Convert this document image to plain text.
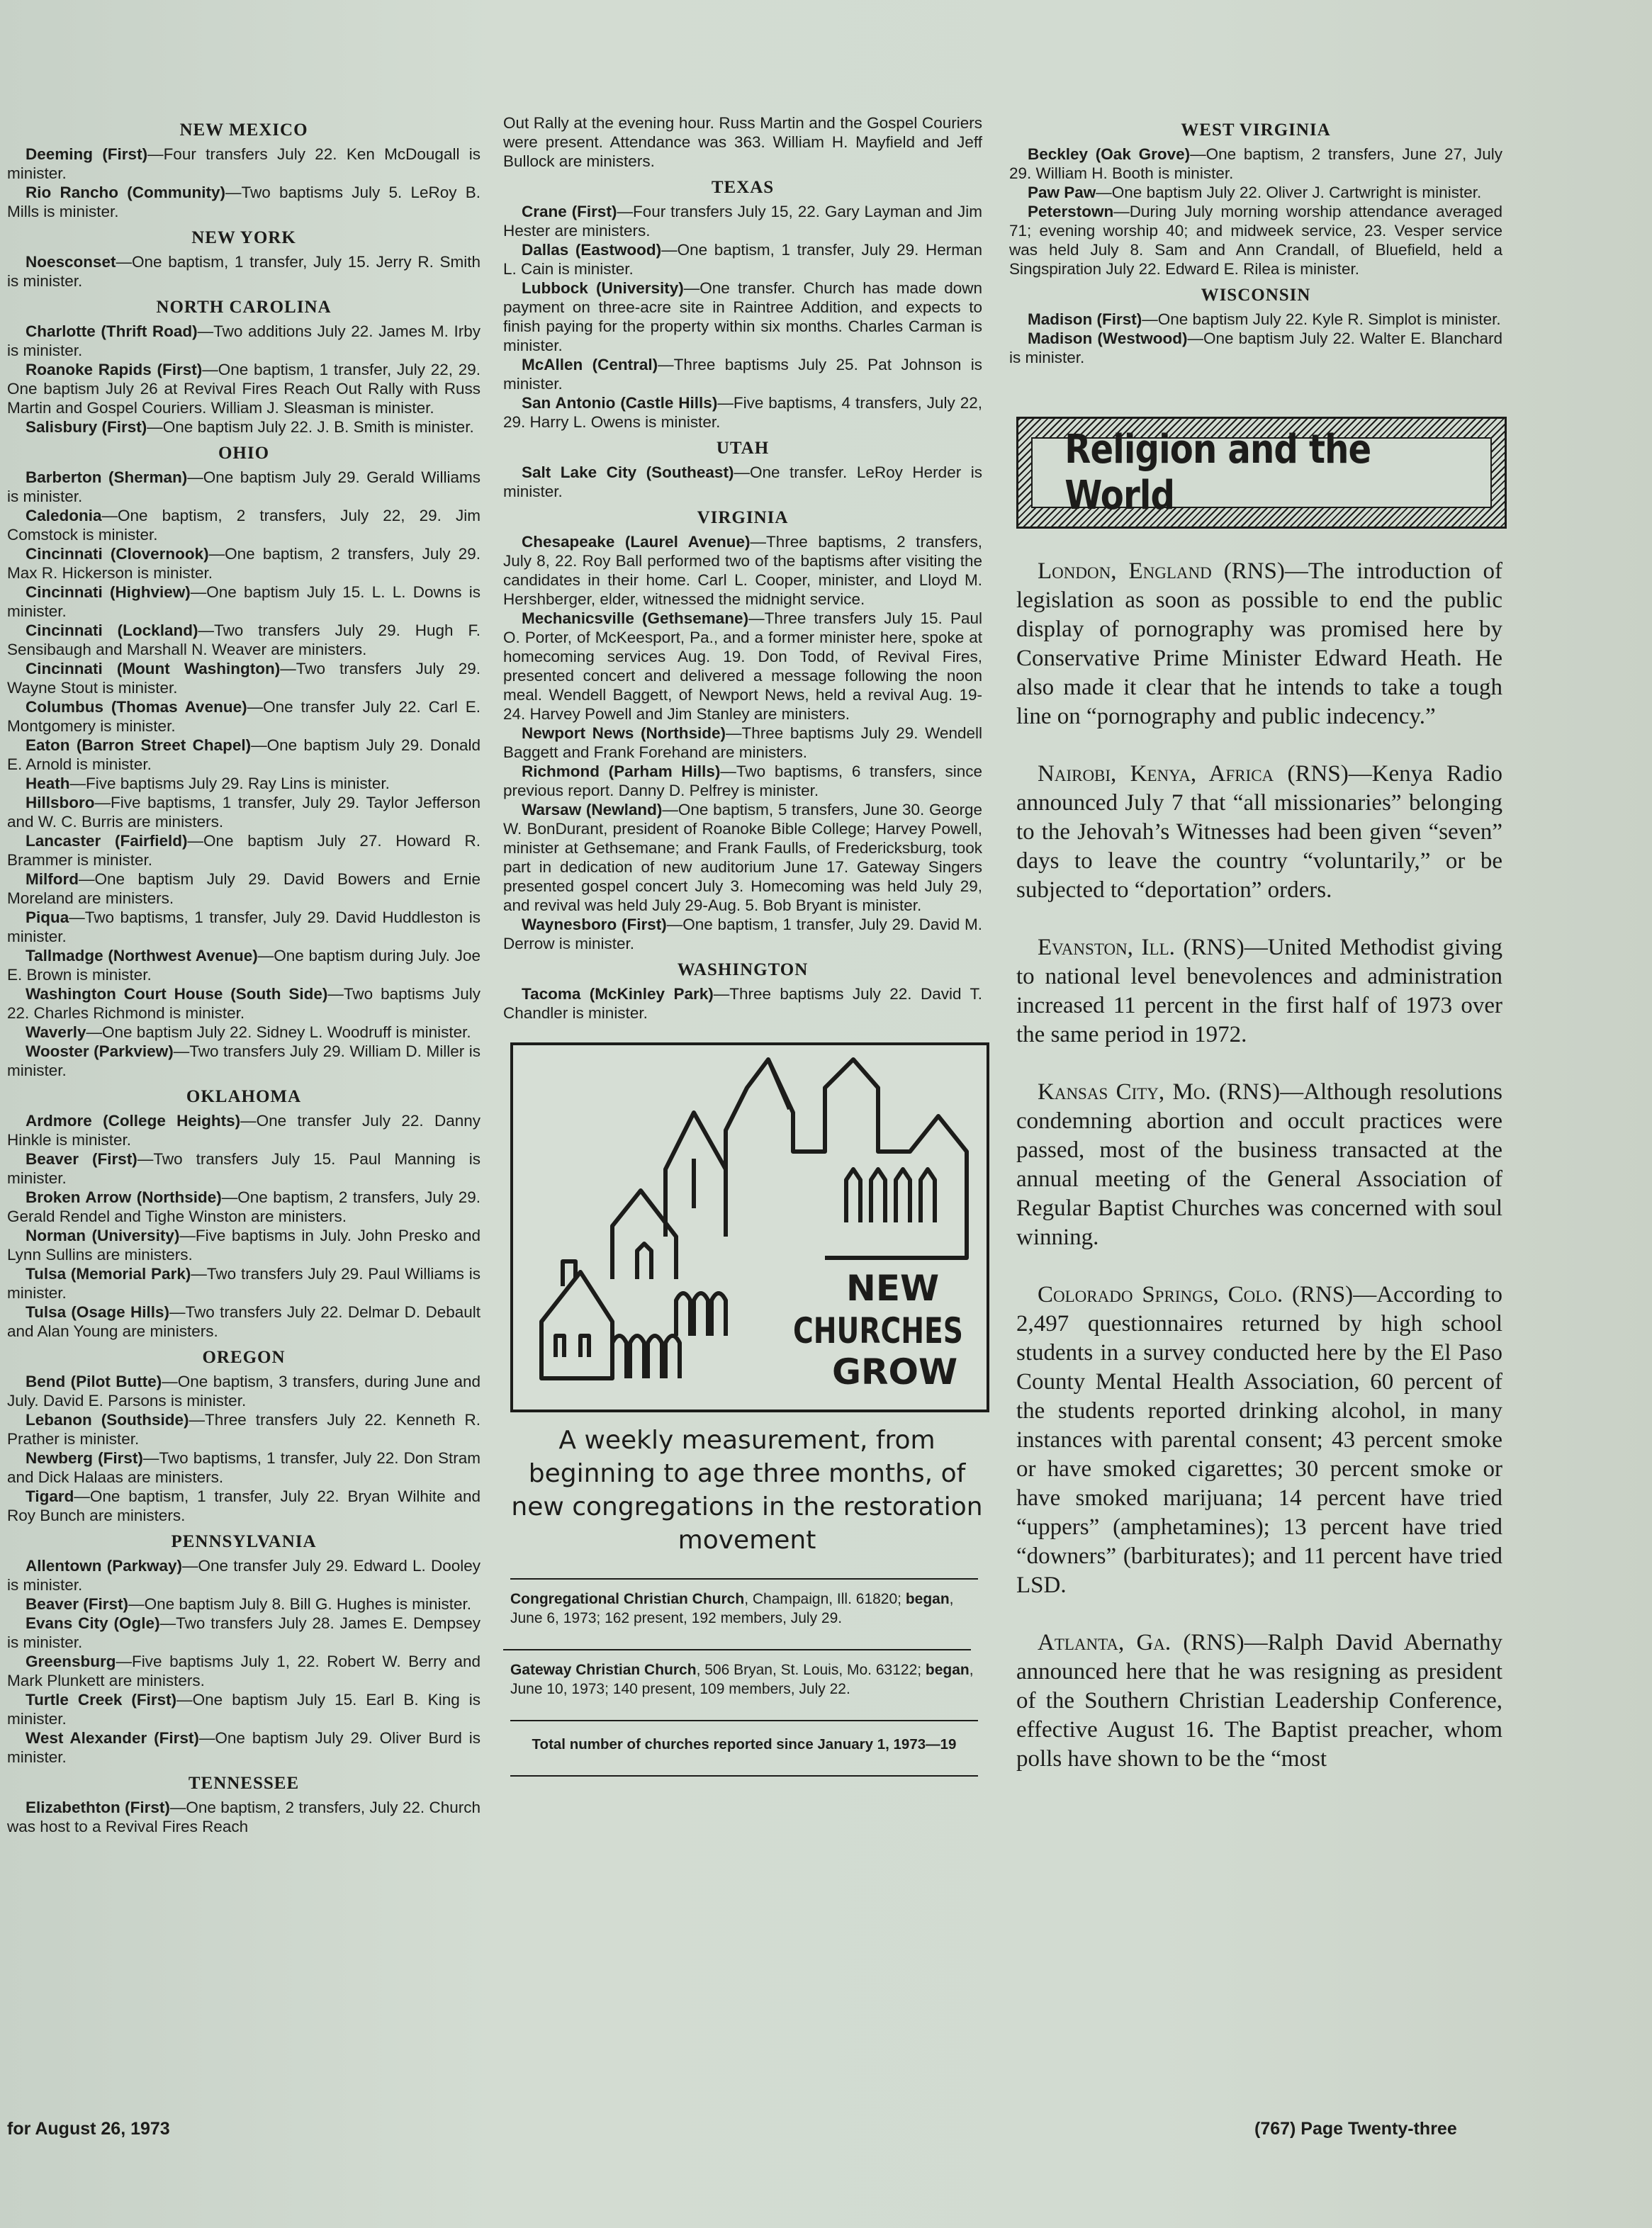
NEW MEXICO

Deeming (First)—Four transfers July 22. Ken McDougall is minister.

Rio Rancho (Community)—Two baptisms July 5. LeRoy B. Mills is minister.

NEW YORK

Noesconset—One baptism, 1 transfer, July 15. Jerry R. Smith is minister.

NORTH CAROLINA

Charlotte (Thrift Road)—Two additions July 22. James M. Irby is minister.

Roanoke Rapids (First)—One baptism, 1 transfer, July 22, 29. One baptism July 26 at Revival Fires Reach Out Rally with Russ Martin and Gospel Couriers. William J. Sleasman is minister.

Salisbury (First)—One baptism July 22. J. B. Smith is minister.

OHIO

Barberton (Sherman)—One baptism July 29. Gerald Williams is minister.

Caledonia—One baptism, 2 transfers, July 22, 29. Jim Comstock is minister.

Cincinnati (Clovernook)—One baptism, 2 transfers, July 29. Max R. Hickerson is minister.

Cincinnati (Highview)—One baptism July 15. L. L. Downs is minister.

Cincinnati (Lockland)—Two transfers July 29. Hugh F. Sensibaugh and Marshall N. Weaver are ministers.

Cincinnati (Mount Washington)—Two transfers July 29. Wayne Stout is minister.

Columbus (Thomas Avenue)—One transfer July 22. Carl E. Montgomery is minister.

Eaton (Barron Street Chapel)—One baptism July 29. Donald E. Arnold is minister.

Heath—Five baptisms July 29. Ray Lins is minister.

Hillsboro—Five baptisms, 1 transfer, July 29. Taylor Jefferson and W. C. Burris are ministers.

Lancaster (Fairfield)—One baptism July 27. Howard R. Brammer is minister.

Milford—One baptism July 29. David Bowers and Ernie Moreland are ministers.

Piqua—Two baptisms, 1 transfer, July 29. David Huddleston is minister.

Tallmadge (Northwest Avenue)—One baptism during July. Joe E. Brown is minister.

Washington Court House (South Side)—Two baptisms July 22. Charles Richmond is minister.

Waverly—One baptism July 22. Sidney L. Woodruff is minister.

Wooster (Parkview)—Two transfers July 29. William D. Miller is minister.

OKLAHOMA

Ardmore (College Heights)—One transfer July 22. Danny Hinkle is minister.

Beaver (First)—Two transfers July 15. Paul Manning is minister.

Broken Arrow (Northside)—One baptism, 2 transfers, July 29. Gerald Rendel and Tighe Winston are ministers.

Norman (University)—Five baptisms in July. John Presko and Lynn Sullins are ministers.

Tulsa (Memorial Park)—Two transfers July 29. Paul Williams is minister.

Tulsa (Osage Hills)—Two transfers July 22. Delmar D. Debault and Alan Young are ministers.

OREGON

Bend (Pilot Butte)—One baptism, 3 transfers, during June and July. David E. Parsons is minister.

Lebanon (Southside)—Three transfers July 22. Kenneth R. Prather is minister.

Newberg (First)—Two baptisms, 1 transfer, July 22. Don Stram and Dick Halaas are ministers.

Tigard—One baptism, 1 transfer, July 22. Bryan Wilhite and Roy Bunch are ministers.

PENNSYLVANIA

Allentown (Parkway)—One transfer July 29. Edward L. Dooley is minister.

Beaver (First)—One baptism July 8. Bill G. Hughes is minister.

Evans City (Ogle)—Two transfers July 28. James E. Dempsey is minister.

Greensburg—Five baptisms July 1, 22. Robert W. Berry and Mark Plunkett are ministers.

Turtle Creek (First)—One baptism July 15. Earl B. King is minister.

West Alexander (First)—One baptism July 29. Oliver Burd is minister.

TENNESSEE

Elizabethton (First)—One baptism, 2 transfers, July 22. Church was host to a Revival Fires Reach

Out Rally at the evening hour. Russ Martin and the Gospel Couriers were present. Attendance was 363. William H. Mayfield and Jeff Bullock are ministers.

TEXAS

Crane (First)—Four transfers July 15, 22. Gary Layman and Jim Hester are ministers.

Dallas (Eastwood)—One baptism, 1 transfer, July 29. Herman L. Cain is minister.

Lubbock (University)—One transfer. Church has made down payment on three-acre site in Raintree Addition, and expects to finish paying for the property within six months. Charles Carman is minister.

McAllen (Central)—Three baptisms July 25. Pat Johnson is minister.

San Antonio (Castle Hills)—Five baptisms, 4 transfers, July 22, 29. Harry L. Owens is minister.

UTAH

Salt Lake City (Southeast)—One transfer. LeRoy Herder is minister.

VIRGINIA

Chesapeake (Laurel Avenue)—Three baptisms, 2 transfers, July 8, 22. Roy Ball performed two of the baptisms after visiting the candidates in their home. Carl L. Cooper, minister, and Lloyd M. Hershberger, elder, witnessed the midnight service.

Mechanicsville (Gethsemane)—Three transfers July 15. Paul O. Porter, of McKeesport, Pa., and a former minister here, spoke at homecoming services Aug. 19. Don Todd, of Revival Fires, presented concert and delivered a message following the noon meal. Wendell Baggett, of Newport News, held a revival Aug. 19-24. Harvey Powell and Jim Stanley are ministers.

Newport News (Northside)—Three baptisms July 29. Wendell Baggett and Frank Forehand are ministers.

Richmond (Parham Hills)—Two baptisms, 6 transfers, since previous report. Danny D. Pelfrey is minister.

Warsaw (Newland)—One baptism, 5 transfers, June 30. George W. BonDurant, president of Roanoke Bible College; Harvey Powell, minister at Gethsemane; and Frank Faulls, of Fredericksburg, took part in dedication of new auditorium June 17. Gateway Singers presented gospel concert July 3. Homecoming was held July 29, and revival was held July 29-Aug. 5. Bob Bryant is minister.

Waynesboro (First)—One baptism, 1 transfer, July 29. David M. Derrow is minister.

WASHINGTON

Tacoma (McKinley Park)—Three baptisms July 22. David T. Chandler is minister.

NEW
CHURCHES
GROW
A weekly measurement, from beginning to age three months, of new congregations in the restoration movement
Congregational Christian Church, Champaign, Ill. 61820; began, June 6, 1973; 162 present, 192 members, July 29.
Gateway Christian Church, 506 Bryan, St. Louis, Mo. 63122; began, June 10, 1973; 140 present, 109 members, July 22.
Total number of churches reported since January 1, 1973—19
WEST VIRGINIA

Beckley (Oak Grove)—One baptism, 2 transfers, June 27, July 29. William H. Booth is minister.

Paw Paw—One baptism July 22. Oliver J. Cartwright is minister.

Peterstown—During July morning worship attendance averaged 71; evening worship 40; and midweek service, 23. Vesper service was held July 8. Sam and Ann Crandall, of Bluefield, held a Singspiration July 22. Edward E. Rilea is minister.

WISCONSIN

Madison (First)—One baptism July 22. Kyle R. Simplot is minister.

Madison (Westwood)—One baptism July 22. Walter E. Blanchard is minister.

Religion and the World

London, England (RNS)—The introduction of legislation as soon as possible to end the public display of pornography was promised here by Conservative Prime Minister Edward Heath. He also made it clear that he intends to take a tough line on “pornography and public indecency.”

Nairobi, Kenya, Africa (RNS)—Kenya Radio announced July 7 that “all missionaries” belonging to the Jehovah’s Witnesses had been given “seven” days to leave the country “voluntarily,” or be subjected to “deportation” orders.

Evanston, Ill. (RNS)—United Methodist giving to national level benevolences and administration increased 11 percent in the first half of 1973 over the same period in 1972.

Kansas City, Mo. (RNS)—Although resolutions condemning abortion and occult practices were passed, most of the business transacted at the annual meeting of the General Association of Regular Baptist Churches was concerned with soul winning.

Colorado Springs, Colo. (RNS)—According to 2,497 questionnaires returned by high school students in a survey conducted here by the El Paso County Mental Health Association, 60 percent of the students reported drinking alcohol, in many instances with parental consent; 43 percent smoke or have smoked cigarettes; 30 percent smoke or have smoked marijuana; 14 percent have tried “uppers” (amphetamines); 13 percent have tried “downers” (barbiturates); and 11 percent have tried LSD.

Atlanta, Ga. (RNS)—Ralph David Abernathy announced here that he was resigning as president of the Southern Christian Leadership Conference, effective August 16. The Baptist preacher, whom polls have shown to be the “most

for August 26, 1973	(767) Page Twenty-three
